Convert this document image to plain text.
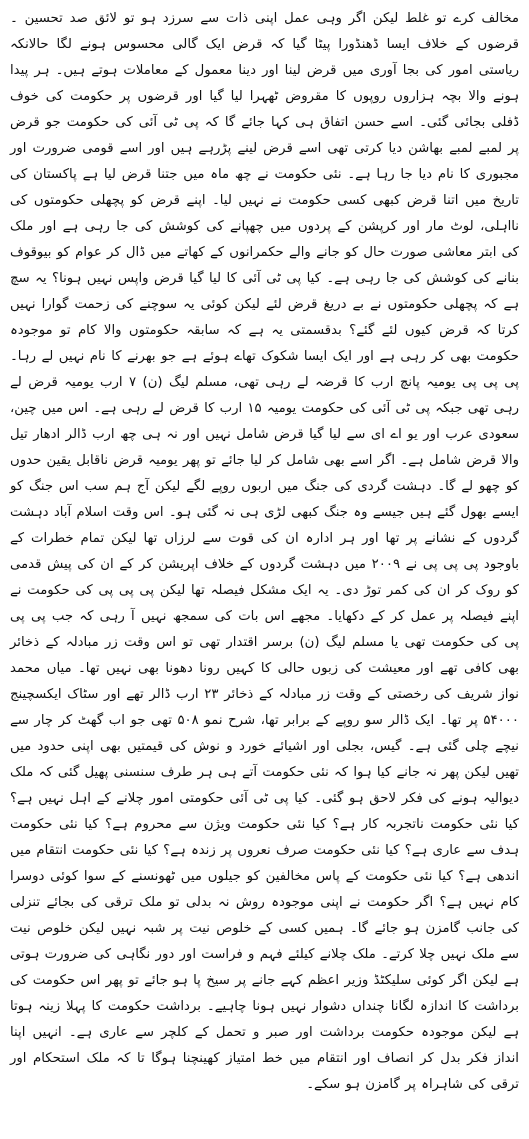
مخالف کرے تو غلط لیکن اگر وہی عمل اپنی ذات سے سرزد ہو تو لائق صد تحسین ۔قرضوں کے خلاف ایسا ڈھنڈورا پیٹا گیا کہ قرض ایک گالی محسوس ہونے لگا حالانکہ ریاستی امور کی بجا آوری میں قرض لینا اور دینا معمول کے معاملات ہوتے ہیں۔ ہر پیدا ہونے والا بچہ ہزاروں روپوں کا مقروض ٹھہرا لیا گیا اور قرضوں پر حکومت کی خوف ڈفلی بجائی گئی۔ اسے حسن اتفاق ہی کہا جائے گا کہ پی ٹی آئی کی حکومت جو قرض پر لمبے لمبے بھاشن دیا کرتی تھی اسے قرض لینے پڑرہے ہیں اور اسے قومی ضرورت اور مجبوری کا نام دیا جا رہا ہے۔ نئی حکومت نے چھ ماہ میں جتنا قرض لیا ہے پاکستان کی تاریخ میں اتنا قرض کبھی کسی حکومت نے نہیں لیا۔ اپنے قرض کو پچھلی حکومتوں کی نااہلی، لوٹ مار اور کرپشن کے پردوں میں چھپانے کی کوشش کی جا رہی ہے اور ملک کی ابتر معاشی صورت حال کو جانے والے حکمرانوں کے کھاتے میں ڈال کر عوام کو بیوقوف بنانے کی کوشش کی جا رہی ہے۔ کیا پی ٹی آئی کا لیا گیا قرض واپس نہیں ہونا؟ یہ سچ ہے کہ پچھلی حکومتوں نے بے دریغ قرض لئے لیکن کوئی یہ سوچنے کی زحمت گوارا نہیں کرتا کہ قرض کیوں لئے گئے؟ بدقسمتی یہ ہے کہ سابقہ حکومتوں والا کام تو موجودہ حکومت بھی کر رہی ہے اور ایک ایسا شکوک تھاے ہوئے ہے جو بھرنے کا نام نہیں لے رہا۔ پی پی پی یومیہ پانچ ارب کا قرضہ لے رہی تھی، مسلم لیگ (ن) ۷ ارب یومیہ قرض لے رہی تھی جبکہ پی ٹی آئی کی حکومت یومیہ ۱۵ ارب کا قرض لے رہی ہے۔ اس میں چین، سعودی عرب اور یو اے ای سے لیا گیا قرض شامل نہیں اور نہ ہی چھ ارب ڈالر ادھار تیل والا قرض شامل ہے۔ اگر اسے بھی شامل کر لیا جائے تو پھر یومیہ قرض ناقابل یقین حدوں کو چھو لے گا۔ دہشت گردی کی جنگ میں اربوں روپے لگے لیکن آج ہم سب اس جنگ کو ایسے بھول گئے ہیں جیسے وہ جنگ کبھی لڑی ہی نہ گئی ہو۔ اس وقت اسلام آباد دہشت گردوں کے نشانے پر تھا اور ہر ادارہ ان کی قوت سے لرزاں تھا لیکن تمام خطرات کے باوجود پی پی پی نے ۲۰۰۹ میں دہشت گردوں کے خلاف اپریشن کر کے ان کی پیش قدمی کو روک کر ان کی کمر توڑ دی۔ یہ ایک مشکل فیصلہ تھا لیکن پی پی پی کی حکومت نے اپنے فیصلہ پر عمل کر کے دکھایا۔ مجھے اس بات کی سمجھ نہیں آ رہی کہ جب پی پی پی کی حکومت تھی یا مسلم لیگ (ن) برسر اقتدار تھی تو اس وقت زر مبادلہ کے ذخائر بھی کافی تھے اور معیشت کی زبوں حالی کا کہیں رونا دھونا بھی نہیں تھا۔ میاں محمد نواز شریف کی رخصتی کے وقت زر مبادلہ کے ذخائر ۲۳ ارب ڈالر تھے اور سٹاک ایکسچینج ۵۴۰۰۰ پر تھا۔ ایک ڈالر سو روپے کے برابر تھا، شرح نمو ۵۰۸ تھی جو اب گھٹ کر چار سے نیچے چلی گئی ہے۔ گیس، بجلی اور اشیائے خورد و نوش کی قیمتیں بھی اپنی حدود میں تھیں لیکن پھر نہ جانے کیا ہوا کہ نئی حکومت آتے ہی ہر طرف سنسنی پھیل گئی کہ ملک دیوالیہ ہونے کی فکر لاحق ہو گئی۔ کیا پی ٹی آئی حکومتی امور چلانے کے اہل نہیں ہے؟ کیا نئی حکومت ناتجربہ کار ہے؟ کیا نئی حکومت ویژن سے محروم ہے؟ کیا نئی حکومت ہدف سے عاری ہے؟ کیا نئی حکومت صرف نعروں پر زندہ ہے؟ کیا نئی حکومت انتقام میں اندھی ہے؟ کیا نئی حکومت کے پاس مخالفین کو جیلوں میں ٹھونسنے کے سوا کوئی دوسرا کام نہیں ہے؟ اگر حکومت نے اپنی موجودہ روش نہ بدلی تو ملک ترقی کی بجائے تنزلی کی جانب گامزن ہو جائے گا۔ ہمیں کسی کے خلوص نیت پر شبہ نہیں لیکن خلوص نیت سے ملک نہیں چلا کرتے۔ ملک چلانے کیلئے فہم و فراست اور دور نگاہی کی ضرورت ہوتی ہے لیکن اگر کوئی سلیکٹڈ وزیر اعظم کہے جانے پر سیخ پا ہو جائے تو پھر اس حکومت کی برداشت کا اندازہ لگانا چنداں دشوار نہیں ہونا چاہیے۔ برداشت حکومت کا پہلا زینہ ہوتا ہے لیکن موجودہ حکومت برداشت اور صبر و تحمل کے کلچر سے عاری ہے۔ انہیں اپنا انداز فکر بدل کر انصاف اور انتقام میں خط امتیاز کھینچنا ہوگا تا کہ ملک استحکام اور ترقی کی شاہراہ پر گامزن ہو سکے۔
